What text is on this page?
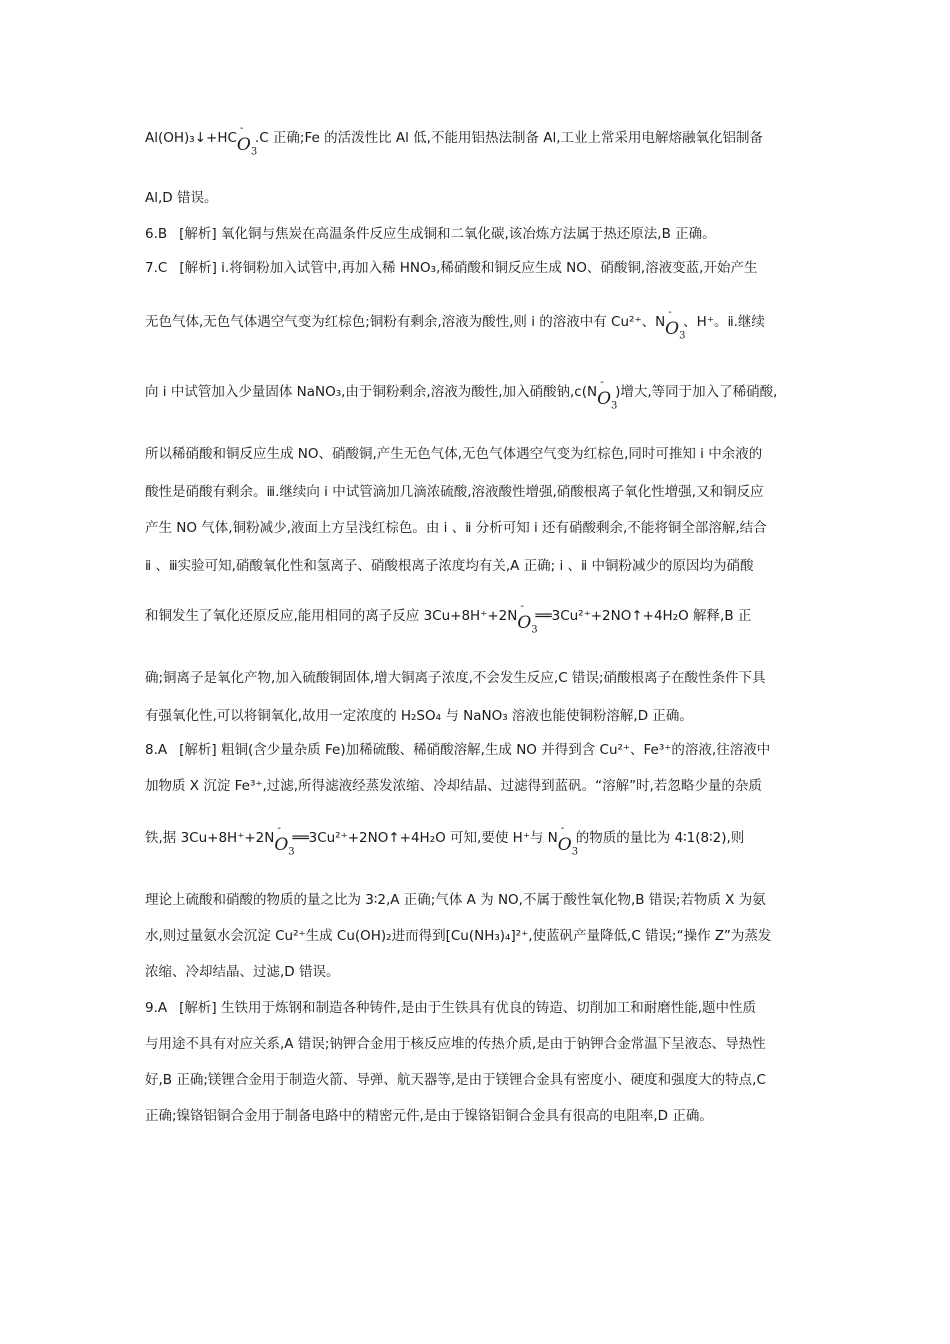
Al(OH)₃↓+HC
-
$O_3$
.C 正确;Fe 的活泼性比 Al 低,不能用铝热法制备 Al,工业上常采用电解熔融氧化铝制备
Al,D 错误。
6.B [解析] 氧化铜与焦炭在高温条件反应生成铜和二氧化碳,该冶炼方法属于热还原法,B 正确。
7.C [解析] ⅰ.将铜粉加入试管中,再加入稀 HNO₃,稀硝酸和铜反应生成 NO、硝酸铜,溶液变蓝,开始产生
无色气体,无色气体遇空气变为红棕色;铜粉有剩余,溶液为酸性,则 ⅰ 的溶液中有 Cu²⁺、N
-
$O_3$
、H⁺。ⅱ.继续
向 ⅰ 中试管加入少量固体 NaNO₃,由于铜粉剩余,溶液为酸性,加入硝酸钠,c(N
-
$O_3$
)增大,等同于加入了稀硝酸,
所以稀硝酸和铜反应生成 NO、硝酸铜,产生无色气体,无色气体遇空气变为红棕色,同时可推知 ⅰ 中余液的
酸性是硝酸有剩余。ⅲ.继续向 ⅰ 中试管滴加几滴浓硫酸,溶液酸性增强,硝酸根离子氧化性增强,又和铜反应
产生 NO 气体,铜粉减少,液面上方呈浅红棕色。由 ⅰ 、ⅱ 分析可知 ⅰ 还有硝酸剩余,不能将铜全部溶解,结合
ⅱ 、ⅲ实验可知,硝酸氧化性和氢离子、硝酸根离子浓度均有关,A 正确; ⅰ 、ⅱ 中铜粉减少的原因均为硝酸
和铜发生了氧化还原反应,能用相同的离子反应 3Cu+8H⁺+2N
-
$O_3$
══3Cu²⁺+2NO↑+4H₂O 解释,B 正
确;铜离子是氧化产物,加入硫酸铜固体,增大铜离子浓度,不会发生反应,C 错误;硝酸根离子在酸性条件下具
有强氧化性,可以将铜氧化,故用一定浓度的 H₂SO₄ 与 NaNO₃ 溶液也能使铜粉溶解,D 正确。
8.A [解析] 粗铜(含少量杂质 Fe)加稀硫酸、稀硝酸溶解,生成 NO 并得到含 Cu²⁺、Fe³⁺的溶液,往溶液中
加物质 X 沉淀 Fe³⁺,过滤,所得滤液经蒸发浓缩、冷却结晶、过滤得到蓝矾。“溶解”时,若忽略少量的杂质
铁,据 3Cu+8H⁺+2N
-
$O_3$
══3Cu²⁺+2NO↑+4H₂O 可知,要使 H⁺与 N
-
$O_3$
的物质的量比为 4∶1(8∶2),则
理论上硫酸和硝酸的物质的量之比为 3∶2,A 正确;气体 A 为 NO,不属于酸性氧化物,B 错误;若物质 X 为氨
水,则过量氨水会沉淀 Cu²⁺生成 Cu(OH)₂进而得到[Cu(NH₃)₄]²⁺,使蓝矾产量降低,C 错误;“操作 Z”为蒸发
浓缩、冷却结晶、过滤,D 错误。
9.A [解析] 生铁用于炼钢和制造各种铸件,是由于生铁具有优良的铸造、切削加工和耐磨性能,题中性质
与用途不具有对应关系,A 错误;钠钾合金用于核反应堆的传热介质,是由于钠钾合金常温下呈液态、导热性
好,B 正确;镁锂合金用于制造火箭、导弹、航天器等,是由于镁锂合金具有密度小、硬度和强度大的特点,C
正确;镍铬铝铜合金用于制备电路中的精密元件,是由于镍铬铝铜合金具有很高的电阻率,D 正确。
